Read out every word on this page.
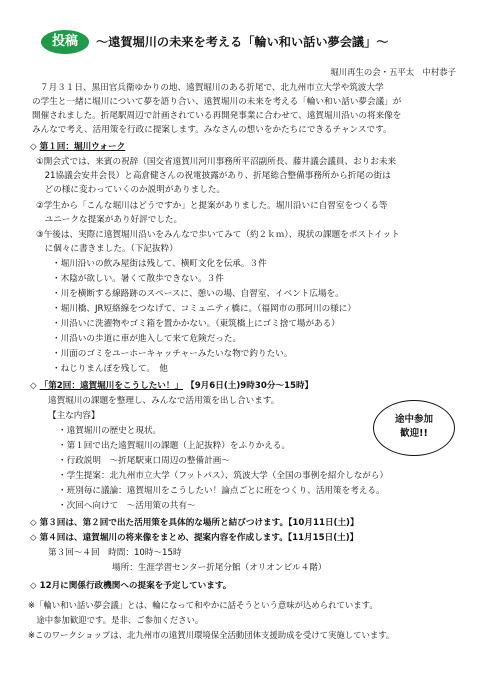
投稿	～遠賀堀川の未来を考える「輪い和い話い夢会議」～
堀川再生の会・五平太　中村恭子
７月３１日、黒田官兵衛ゆかりの地、遠賀堀川のある折尾で、北九州市立大学や筑波大学
の学生と一緒に堀川について夢を語り合い、遠賀堀川の未来を考える「輪い和い話い夢会議」が
開催されました。折尾駅周辺で計画されている再開発事業に合わせて、遠賀堀川沿いの将来像を
みんなで考え、活用策を行政に提案します。みなさんの想いをかたちにできるチャンスです。
◇ 第１回：堀川ウォーク
①開会式では、来賓の祝辞（国交省遠賀川河川事務所平沼副所長、藤井議会議員、おりお未来
　21協議会安井会長）と高倉健さんの祝電披露があり、折尾総合整備事務所から折尾の街は
　どの様に変わっていくのか説明がありました。
②学生から「こんな堀川はどうですか」と提案がありました。堀川沿いに自習室をつくる等
　ユニークな提案があり好評でした。
③午後は、実際に遠賀堀川沿いをみんなで歩いてみて（約２ｋｍ）、現状の課題をポストイット
　に個々に書きました。（下記抜粋）
・堀川沿いの飲み屋街は残して、横町文化を伝承。３件
・木陰が欲しい。暑くて散歩できない。３件
・川を横断する線路跡のスペースに、憩いの場、自習室、イベント広場を。
・堀川橋、JR短絡線をつなげて、コミュニティ橋に。（福岡市の那珂川の様に）
・川沿いに洗濯物やゴミ箱を置かかない。（東筑橋上にゴミ捨て場がある）
・川沿いの歩道に車が進入して来て危険だった。
・川面のゴミをユーホーキャッチャーみたいな物で釣りたい。
・ねじりまんぽを残して。　他
◇ 「第2回：遠賀堀川をこうしたい！」 【9月6日(土)9時30分～15時】
遠賀堀川の課題を整理し、みんなで活用策を出し合います。
【主な内容】
・遠賀堀川の歴史と現状。
・第１回で出た遠賀堀川の課題（上記抜粋）をふりかえる。
・行政説明　～折尾駅東口周辺の整備計画～
・学生提案：北九州市立大学（フットパス）、筑波大学（全国の事例を紹介しながら）
・班別毎に議論：遠賀堀川をこうしたい！論点ごとに班をつくり、活用策を考える。
・次回へ向けて　～活用策の共有～
途中参加
歓迎!!
◇ 第３回は、第２回で出た活用策を具体的な場所と結びつけます。【10月11日(土)】
◇ 第４回は、遠賀堀川の将来像をまとめ、提案内容を作成します。【11月15日(土)】
第３回～４回　時間：10時～15時
場所：生涯学習センター折尾分館（オリオンビル４階）
◇ 12月に関係行政機関への提案を予定しています。
※「輪い和い話い夢会議」とは、輪になって和やかに話そうという意味が込められています。
　途中参加歓迎です。是非、ご参加ください。
※このワークショップは、北九州市の遠賀川環境保全活動団体支援助成を受けて実施しています。
